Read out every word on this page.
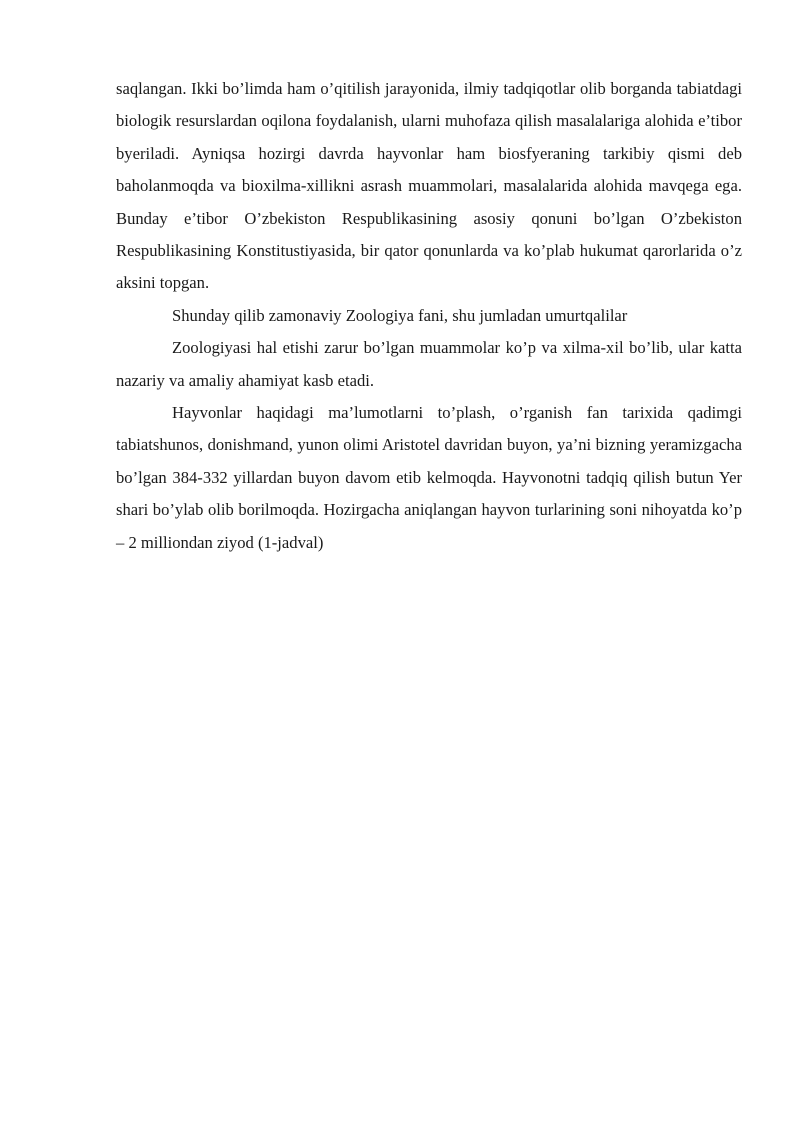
saqlangan. Ikki bo’limda ham o’qitilish jarayonida, ilmiy tadqiqotlar olib borganda tabiatdagi biologik resurslardan oqilona foydalanish, ularni muhofaza qilish masalalariga alohida e’tibor byeriladi. Ayniqsa hozirgi davrda hayvonlar ham biosfyeraning tarkibiy qismi deb baholanmoqda va bioxilma-xillikni asrash muammolari, masalalarida alohida mavqega ega. Bunday e’tibor O’zbekiston Respublikasining asosiy qonuni bo’lgan O’zbekiston Respublikasining Konstitustiyasida, bir qator qonunlarda va ko’plab hukumat qarorlarida o’z aksini topgan.

Shunday qilib zamonaviy Zoologiya fani, shu jumladan umurtqalilar

Zoologiyasi hal etishi zarur bo’lgan muammolar ko’p va xilma-xil bo’lib, ular katta nazariy va amaliy ahamiyat kasb etadi.

Hayvonlar haqidagi ma’lumotlarni to’plash, o’rganish fan tarixida qadimgi tabiatshunos, donishmand, yunon olimi Aristotel davridan buyon, ya’ni bizning yeramizgacha bo’lgan 384-332 yillardan buyon davom etib kelmoqda. Hayvonotni tadqiq qilish butun Yer shari bo’ylab olib borilmoqda. Hozirgacha aniqlangan hayvon turlarining soni nihoyatda ko’p – 2 milliondan ziyod (1-jadval)
